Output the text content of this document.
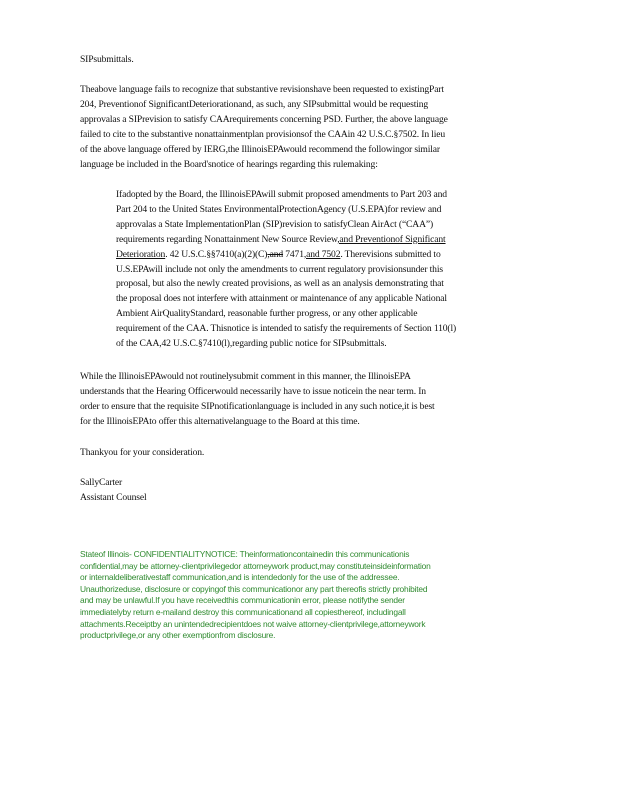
SIPsubmittals.
Theabove language fails to recognize that substantive revisionshave been requested to existingPart
204, Preventionof SignificantDeteriorationand, as such, any SIPsubmittal would be requesting
approvalas a SIPrevision to satisfy CAArequirements concerning PSD. Further, the above language
failed to cite to the substantive nonattainmentplan provisionsof the CAAin 42 U.S.C.§7502. In lieu
of the above language offered by IERG,the IllinoisEPAwould recommend the followingor similar
language be included in the Board'snotice of hearings regarding this rulemaking:
Ifadopted by the Board, the IllinoisEPAwill submit proposed amendments to Part 203 and
Part 204 to the United States EnvironmentalProtectionAgency (U.S.EPA)for review and
approvalas a State ImplementationPlan (SIP)revision to satisfyClean AirAct (“CAA”)
requirements regarding Nonattainment New Source Review,and Preventionof Significant
Deterioration. 42 U.S.C.§§7410(a)(2)(C),and 7471,and 7502. Therevisions submitted to
U.S.EPAwill include not only the amendments to current regulatory provisionsunder this
proposal, but also the newly created provisions, as well as an analysis demonstrating that
the proposal does not interfere with attainment or maintenance of any applicable National
Ambient AirQualityStandard, reasonable further progress, or any other applicable
requirement of the CAA. Thisnotice is intended to satisfy the requirements of Section 110(l)
of the CAA,42 U.S.C.§7410(l),regarding public notice for SIPsubmittals.
While the IllinoisEPAwould not routinelysubmit comment in this manner, the IllinoisEPA
understands that the Hearing Officerwould necessarily have to issue noticein the near term. In
order to ensure that the requisite SIPnotificationlanguage is included in any such notice,it is best
for the IllinoisEPAto offer this alternativelanguage to the Board at this time.
Thankyou for your consideration.
SallyCarter
Assistant Counsel
Stateof Illinois- CONFIDENTIALITYNOTICE: Theinformationcontainedin this communicationis
confidential,may be attorney-clientprivilegedor attorneywork product,may constituteinsideinformation
or internaldeliberativestaff communication,and is intendedonly for the use of the addressee.
Unauthorizeduse, disclosure or copyingof this communicationor any part thereofis strictly prohibited
and may be unlawful.If you have receivedthis communicationin error, please notifythe sender
immediatelyby return e-mailand destroy this communicationand all copiesthereof, includingall
attachments.Receiptby an unintendedrecipientdoes not waive attorney-clientprivilege,attorneywork
productprivilege,or any other exemptionfrom disclosure.
